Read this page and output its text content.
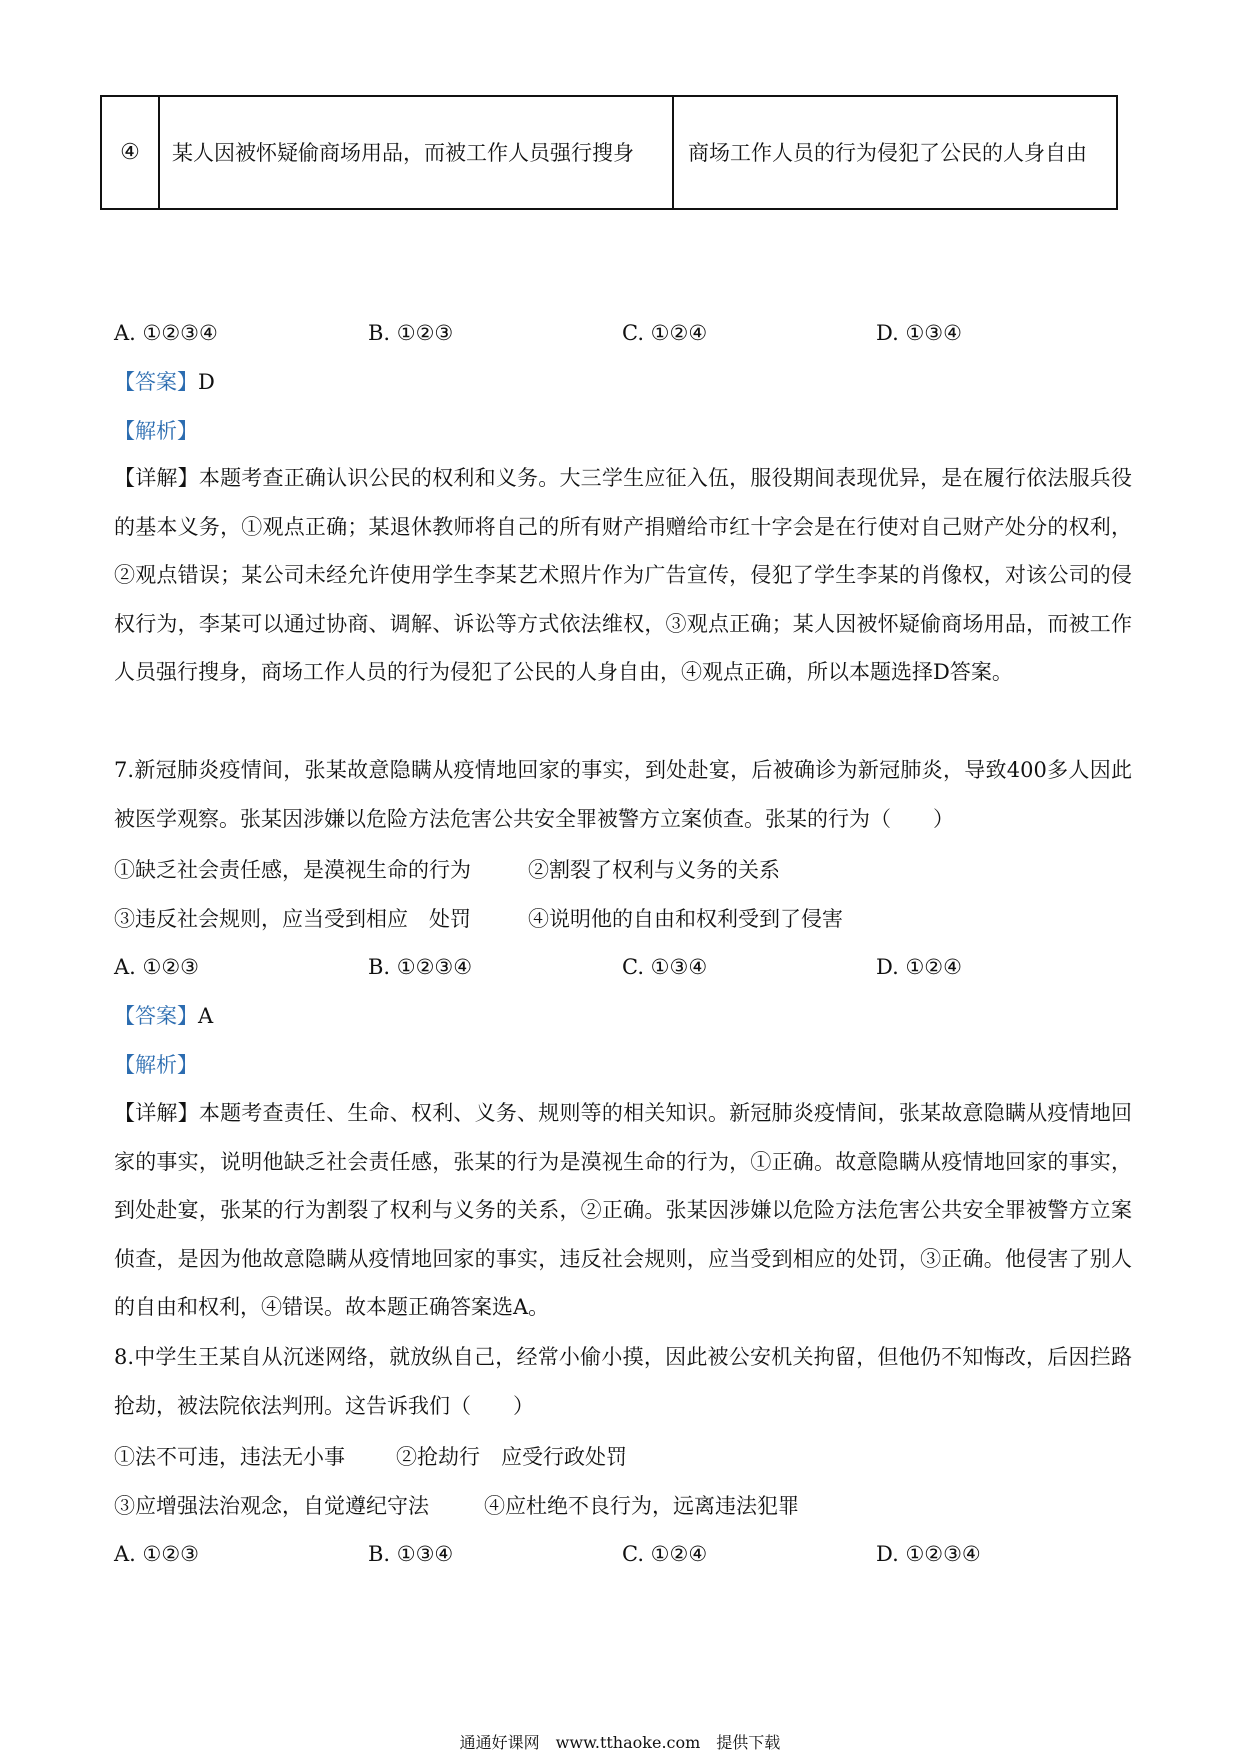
④	某人因被怀疑偷商场用品，而被工作人员强行搜身	商场工作人员的行为侵犯了公民的人身自由
A. ①②③④	B. ①②③	C. ①②④	D. ①③④
【答案】D
【解析】
【详解】本题考查正确认识公民的权利和义务。大三学生应征入伍，服役期间表现优异，是在履行依法服兵役的基本义务，①观点正确；某退休教师将自己的所有财产捐赠给市红十字会是在行使对自己财产处分的权利，②观点错误；某公司未经允许使用学生李某艺术照片作为广告宣传，侵犯了学生李某的肖像权，对该公司的侵权行为，李某可以通过协商、调解、诉讼等方式依法维权，③观点正确；某人因被怀疑偷商场用品，而被工作人员强行搜身，商场工作人员的行为侵犯了公民的人身自由，④观点正确，所以本题选择D答案。
7.新冠肺炎疫情间，张某故意隐瞒从疫情地回家的事实，到处赴宴，后被确诊为新冠肺炎，导致400多人因此被医学观察。张某因涉嫌以危险方法危害公共安全罪被警方立案侦查。张某的行为（　　）
①缺乏社会责任感，是漠视生命的行为	②割裂了权利与义务的关系
③违反社会规则，应当受到相应　处罚	④说明他的自由和权利受到了侵害
A. ①②③	B. ①②③④	C. ①③④	D. ①②④
【答案】A
【解析】
【详解】本题考查责任、生命、权利、义务、规则等的相关知识。新冠肺炎疫情间，张某故意隐瞒从疫情地回家的事实，说明他缺乏社会责任感，张某的行为是漠视生命的行为，①正确。故意隐瞒从疫情地回家的事实，到处赴宴，张某的行为割裂了权利与义务的关系，②正确。张某因涉嫌以危险方法危害公共安全罪被警方立案侦查，是因为他故意隐瞒从疫情地回家的事实，违反社会规则，应当受到相应的处罚，③正确。他侵害了别人的自由和权利，④错误。故本题正确答案选A。
8.中学生王某自从沉迷网络，就放纵自己，经常小偷小摸，因此被公安机关拘留，但他仍不知悔改，后因拦路抢劫，被法院依法判刑。这告诉我们（　　）
①法不可违，违法无小事 ②抢劫行　应受行政处罚
③应增强法治观念，自觉遵纪守法	④应杜绝不良行为，远离违法犯罪
A. ①②③	B. ①③④	C. ①②④	D. ①②③④
通通好课网　www.tthaoke.com　提供下载
